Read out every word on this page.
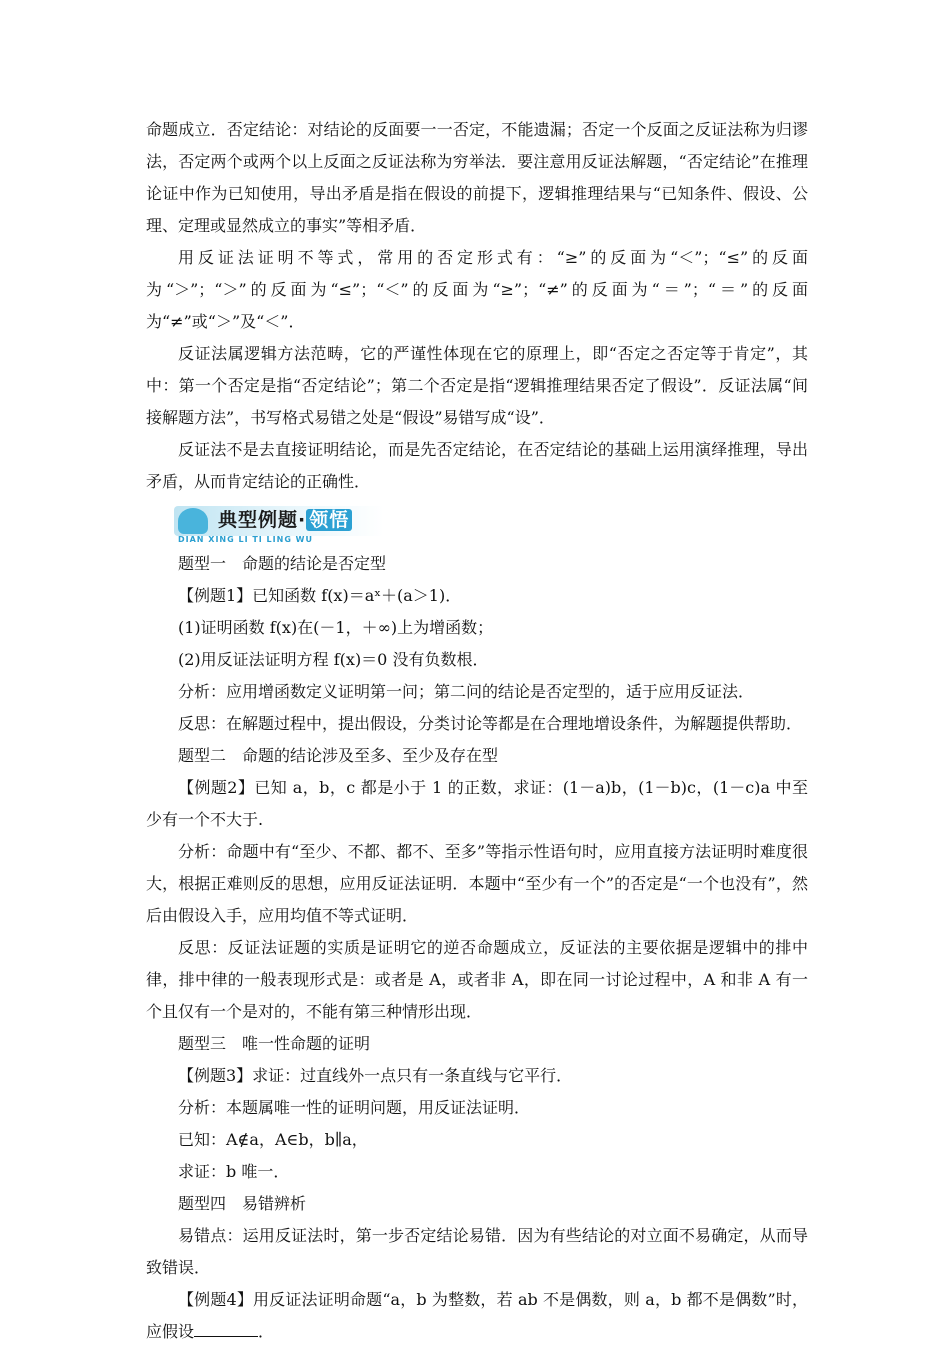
命题成立．否定结论：对结论的反面要一一否定，不能遗漏；否定一个反面之反证法称为归谬法，否定两个或两个以上反面之反证法称为穷举法．要注意用反证法解题，“否定结论”在推理论证中作为已知使用，导出矛盾是指在假设的前提下，逻辑推理结果与“已知条件、假设、公理、定理或显然成立的事实”等相矛盾．

用反证法证明不等式，常用的否定形式有：“≥”的反面为“＜”；“≤”的反面为“＞”；“＞”的反面为“≤”；“＜”的反面为“≥”；“≠”的反面为“＝”；“＝”的反面为“≠”或“＞”及“＜”．

反证法属逻辑方法范畴，它的严谨性体现在它的原理上，即“否定之否定等于肯定”，其中：第一个否定是指“否定结论”；第二个否定是指“逻辑推理结果否定了假设”．反证法属“间接解题方法”，书写格式易错之处是“假设”易错写成“设”．

反证法不是去直接证明结论，而是先否定结论，在否定结论的基础上运用演绎推理，导出矛盾，从而肯定结论的正确性．

典型例题· 领悟
DIAN XING LI TI LING WU

题型一　命题的结论是否定型

【例题1】已知函数 f(x)＝aˣ＋(a＞1)．

(1)证明函数 f(x)在(－1，＋∞)上为增函数；

(2)用反证法证明方程 f(x)＝0 没有负数根．

分析：应用增函数定义证明第一问；第二问的结论是否定型的，适于应用反证法．

反思：在解题过程中，提出假设，分类讨论等都是在合理地增设条件，为解题提供帮助．

题型二　命题的结论涉及至多、至少及存在型

【例题2】已知 a，b，c 都是小于 1 的正数，求证：(1－a)b，(1－b)c，(1－c)a 中至少有一个不大于.

分析：命题中有“至少、不都、都不、至多”等指示性语句时，应用直接方法证明时难度很大，根据正难则反的思想，应用反证法证明．本题中“至少有一个”的否定是“一个也没有”，然后由假设入手，应用均值不等式证明．

反思：反证法证题的实质是证明它的逆否命题成立，反证法的主要依据是逻辑中的排中律，排中律的一般表现形式是：或者是 A，或者非 A，即在同一讨论过程中，A 和非 A 有一个且仅有一个是对的，不能有第三种情形出现．

题型三　唯一性命题的证明

【例题3】求证：过直线外一点只有一条直线与它平行．

分析：本题属唯一性的证明问题，用反证法证明．

已知：A∉a，A∈b，b∥a，

求证：b 唯一．

题型四　易错辨析

易错点：运用反证法时，第一步否定结论易错．因为有些结论的对立面不易确定，从而导致错误．

【例题4】用反证法证明命题“a，b 为整数，若 ab 不是偶数，则 a，b 都不是偶数”时，应假设	．
